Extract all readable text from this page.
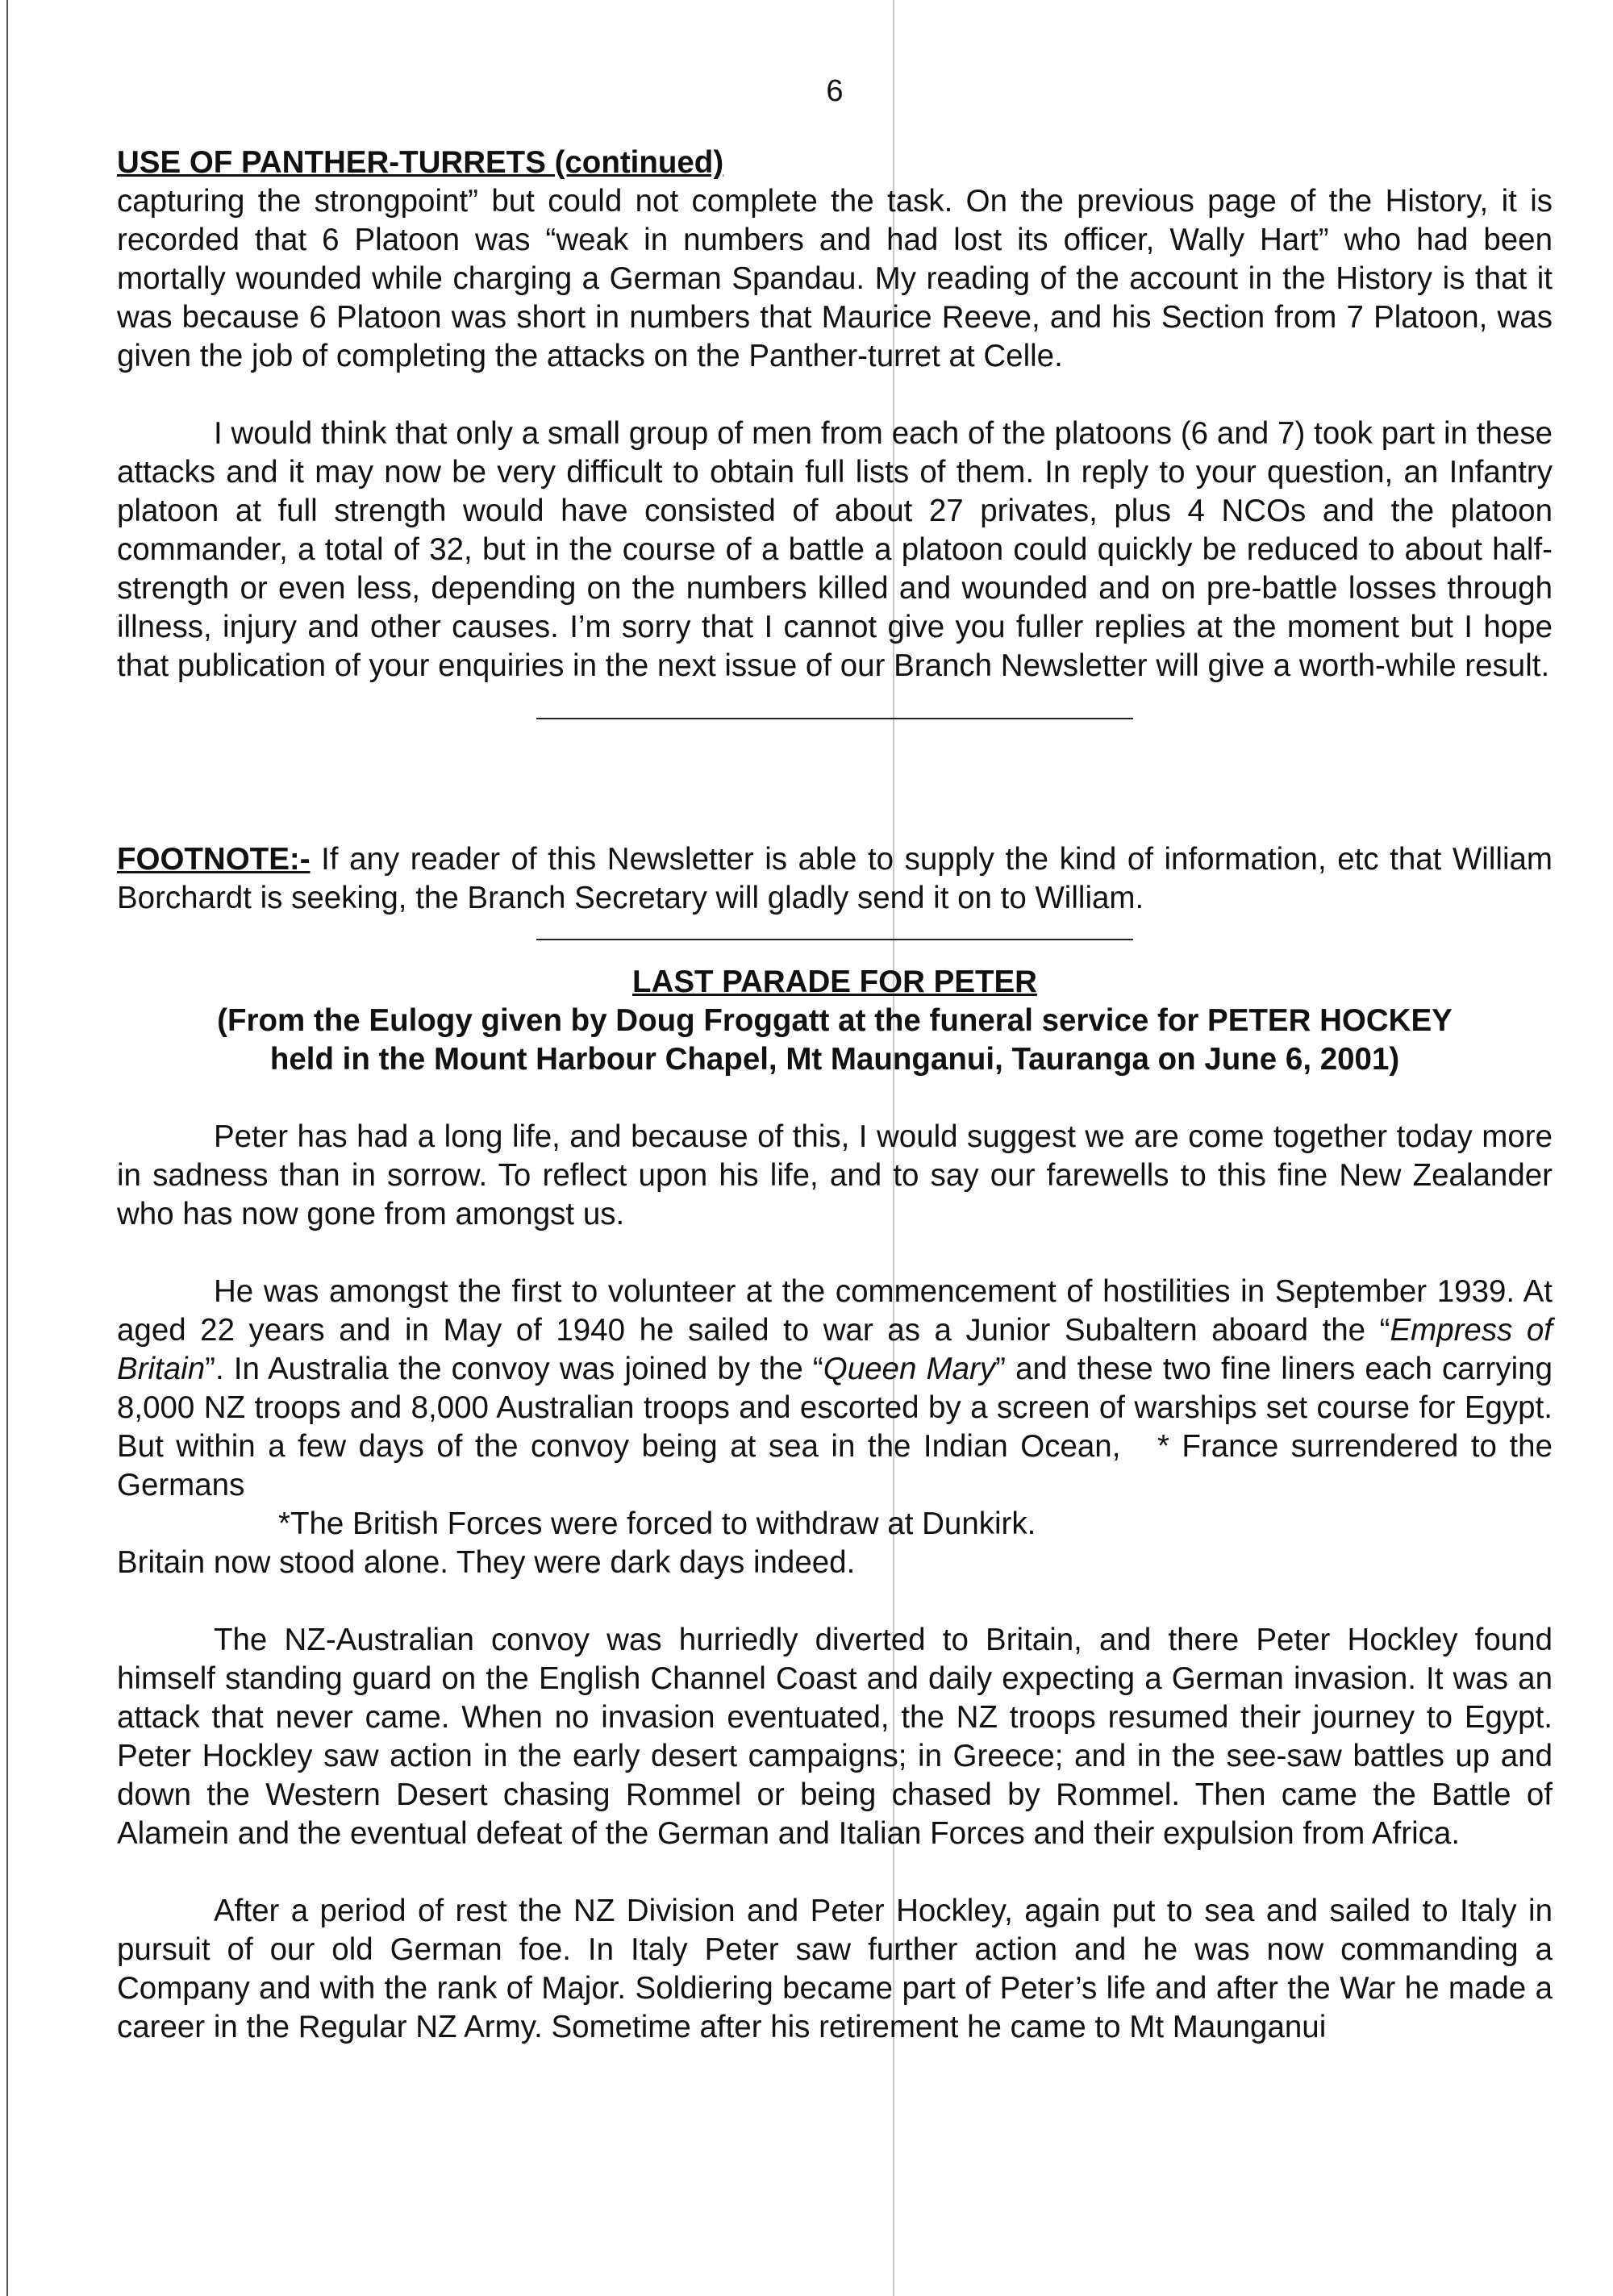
6
USE OF PANTHER-TURRETS (continued)

capturing the strongpoint” but could not complete the task. On the previous page of the History, it is recorded that 6 Platoon was “weak in numbers and had lost its officer, Wally Hart” who had been mortally wounded while charging a German Spandau. My reading of the account in the History is that it was because 6 Platoon was short in numbers that Maurice Reeve, and his Section from 7 Platoon, was given the job of completing the attacks on the Panther-turret at Celle.

I would think that only a small group of men from each of the platoons (6 and 7) took part in these attacks and it may now be very difficult to obtain full lists of them. In reply to your question, an Infantry platoon at full strength would have consisted of about 27 privates, plus 4 NCOs and the platoon commander, a total of 32, but in the course of a battle a platoon could quickly be reduced to about half-strength or even less, depending on the numbers killed and wounded and on pre-battle losses through illness, injury and other causes. I’m sorry that I cannot give you fuller replies at the moment but I hope that publication of your enquiries in the next issue of our Branch Newsletter will give a worth-while result.

FOOTNOTE:- If any reader of this Newsletter is able to supply the kind of information, etc that William Borchardt is seeking, the Branch Secretary will gladly send it on to William.

LAST PARADE FOR PETER
(From the Eulogy given by Doug Froggatt at the funeral service for PETER HOCKEY
held in the Mount Harbour Chapel, Mt Maunganui, Tauranga on June 6, 2001)

Peter has had a long life, and because of this, I would suggest we are come together today more in sadness than in sorrow. To reflect upon his life, and to say our farewells to this fine New Zealander who has now gone from amongst us.

He was amongst the first to volunteer at the commencement of hostilities in September 1939. At aged 22 years and in May of 1940 he sailed to war as a Junior Subaltern aboard the “Empress of Britain”. In Australia the convoy was joined by the “Queen Mary” and these two fine liners each carrying 8,000 NZ troops and 8,000 Australian troops and escorted by a screen of warships set course for Egypt. But within a few days of the convoy being at sea in the Indian Ocean, * France surrendered to the Germans

*The British Forces were forced to withdraw at Dunkirk.
Britain now stood alone. They were dark days indeed.

The NZ-Australian convoy was hurriedly diverted to Britain, and there Peter Hockley found himself standing guard on the English Channel Coast and daily expecting a German invasion. It was an attack that never came. When no invasion eventuated, the NZ troops resumed their journey to Egypt. Peter Hockley saw action in the early desert campaigns; in Greece; and in the see-saw battles up and down the Western Desert chasing Rommel or being chased by Rommel. Then came the Battle of Alamein and the eventual defeat of the German and Italian Forces and their expulsion from Africa.

After a period of rest the NZ Division and Peter Hockley, again put to sea and sailed to Italy in pursuit of our old German foe. In Italy Peter saw further action and he was now commanding a Company and with the rank of Major. Soldiering became part of Peter’s life and after the War he made a career in the Regular NZ Army. Sometime after his retirement he came to Mt Maunganui
